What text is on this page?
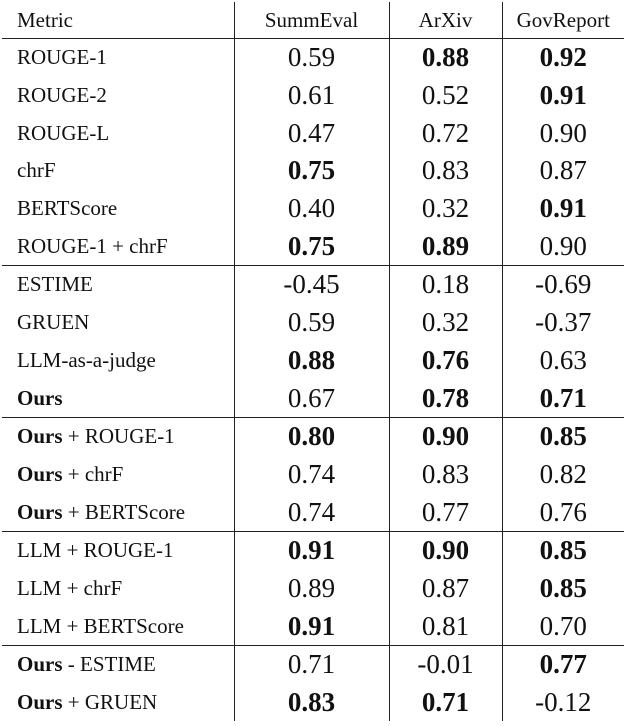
Metric	SummEval	ArXiv	GovReport
ROUGE-1	0.59	0.88	0.92
ROUGE-2	0.61	0.52	0.91
ROUGE-L	0.47	0.72	0.90
chrF	0.75	0.83	0.87
BERTScore	0.40	0.32	0.91
ROUGE-1 + chrF	0.75	0.89	0.90
ESTIME	-0.45	0.18	-0.69
GRUEN	0.59	0.32	-0.37
LLM-as-a-judge	0.88	0.76	0.63
Ours	0.67	0.78	0.71
Ours + ROUGE-1	0.80	0.90	0.85
Ours + chrF	0.74	0.83	0.82
Ours + BERTScore	0.74	0.77	0.76
LLM + ROUGE-1	0.91	0.90	0.85
LLM + chrF	0.89	0.87	0.85
LLM + BERTScore	0.91	0.81	0.70
Ours - ESTIME	0.71	-0.01	0.77
Ours + GRUEN	0.83	0.71	-0.12
